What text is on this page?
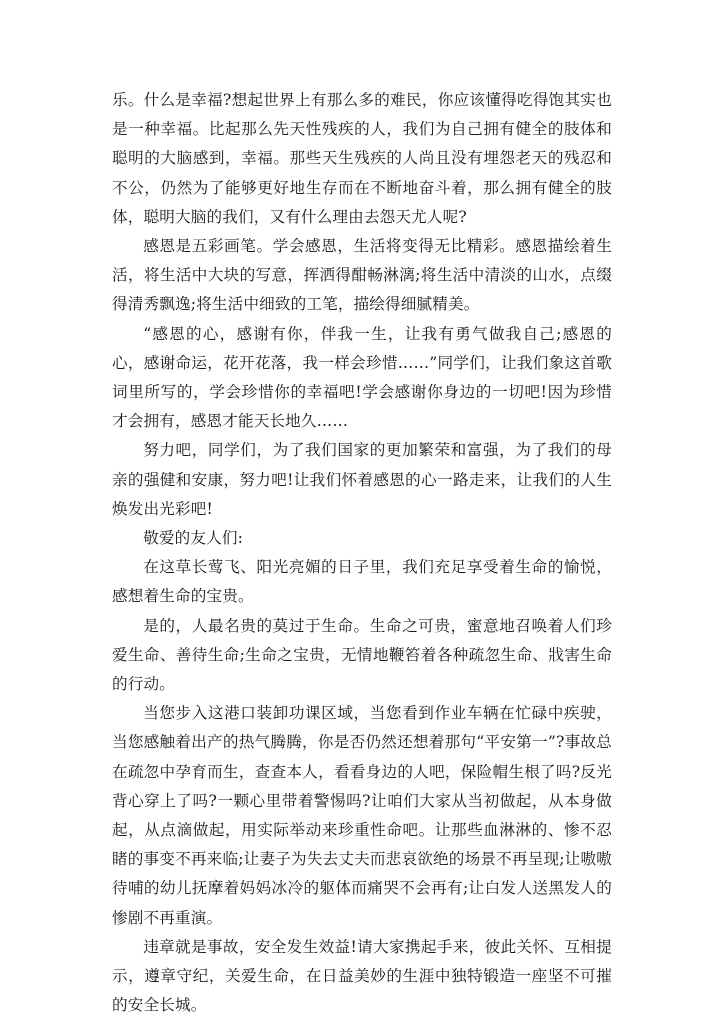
乐。什么是幸福?想起世界上有那么多的难民，你应该懂得吃得饱其实也是一种幸福。比起那么先天性残疾的人，我们为自己拥有健全的肢体和聪明的大脑感到，幸福。那些天生残疾的人尚且没有埋怨老天的残忍和不公，仍然为了能够更好地生存而在不断地奋斗着，那么拥有健全的肢体，聪明大脑的我们，又有什么理由去怨天尤人呢?

感恩是五彩画笔。学会感恩，生活将变得无比精彩。感恩描绘着生活，将生活中大块的写意，挥洒得酣畅淋漓;将生活中清淡的山水，点缀得清秀飘逸;将生活中细致的工笔，描绘得细腻精美。

“感恩的心，感谢有你，伴我一生，让我有勇气做我自己;感恩的心，感谢命运，花开花落，我一样会珍惜……”同学们，让我们象这首歌词里所写的，学会珍惜你的幸福吧!学会感谢你身边的一切吧!因为珍惜才会拥有，感恩才能天长地久……

努力吧，同学们，为了我们国家的更加繁荣和富强，为了我们的母亲的强健和安康，努力吧!让我们怀着感恩的心一路走来，让我们的人生焕发出光彩吧!

敬爱的友人们:

在这草长莺飞、阳光亮媚的日子里，我们充足享受着生命的愉悦，感想着生命的宝贵。

是的，人最名贵的莫过于生命。生命之可贵，蜜意地召唤着人们珍爱生命、善待生命;生命之宝贵，无情地鞭笞着各种疏忽生命、戕害生命的行动。

当您步入这港口装卸功课区域，当您看到作业车辆在忙碌中疾驶，当您感触着出产的热气腾腾，你是否仍然还想着那句“平安第一”?事故总在疏忽中孕育而生，查查本人，看看身边的人吧，保险帽生根了吗?反光背心穿上了吗?一颗心里带着警惕吗?让咱们大家从当初做起，从本身做起，从点滴做起，用实际举动来珍重性命吧。让那些血淋淋的、惨不忍睹的事变不再来临;让妻子为失去丈夫而悲哀欲绝的场景不再呈现;让嗷嗷待哺的幼儿抚摩着妈妈冰冷的躯体而痛哭不会再有;让白发人送黑发人的惨剧不再重演。

违章就是事故，安全发生效益!请大家携起手来，彼此关怀、互相提示，遵章守纪，关爱生命，在日益美妙的生涯中独特锻造一座坚不可摧的安全长城。
